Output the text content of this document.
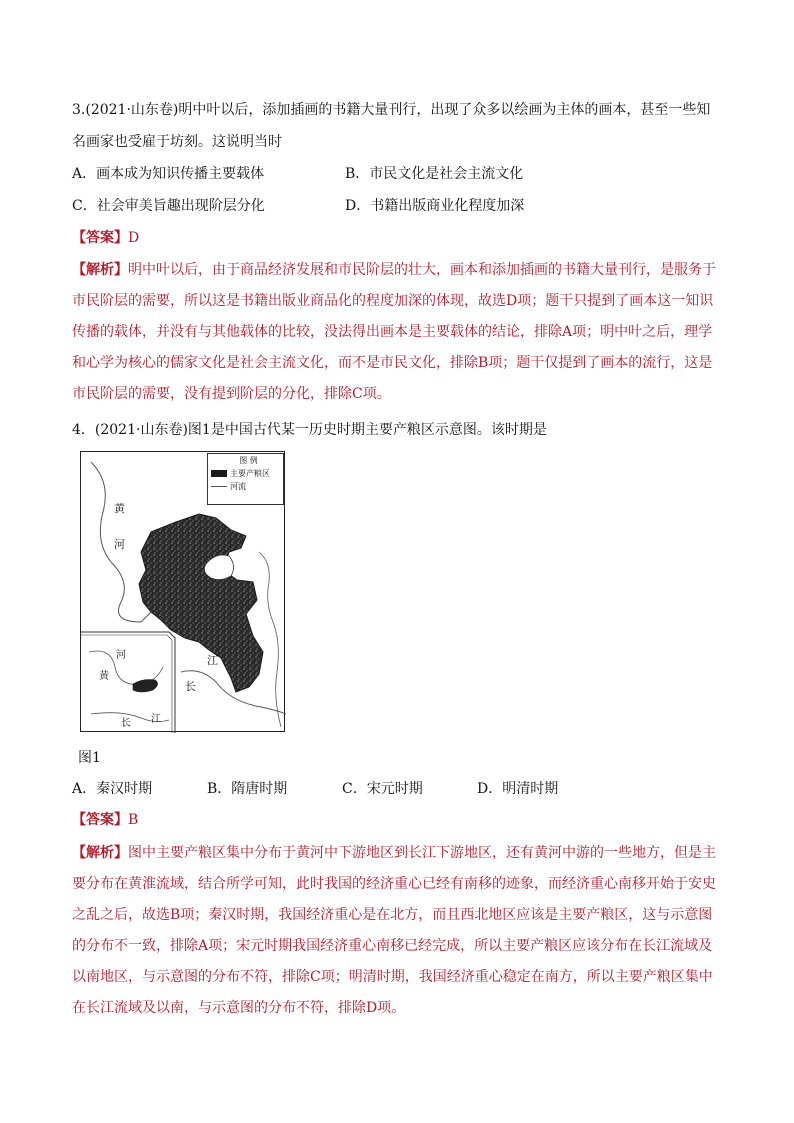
3.(2021·山东卷)明中叶以后，添加插画的书籍大量刊行，出现了众多以绘画为主体的画本，甚至一些知
名画家也受雇于坊刻。这说明当时
A．画本成为知识传播主要载体	B．市民文化是社会主流文化
C．社会审美旨趣出现阶层分化	D．书籍出版商业化程度加深
【答案】D
【解析】明中叶以后，由于商品经济发展和市民阶层的壮大，画本和添加插画的书籍大量刊行，是服务于
市民阶层的需要，所以这是书籍出版业商品化的程度加深的体现，故选D项；题干只提到了画本这一知识
传播的载体，并没有与其他载体的比较，没法得出画本是主要载体的结论，排除A项；明中叶之后，理学
和心学为核心的儒家文化是社会主流文化，而不是市民文化，排除B项；题干仅提到了画本的流行，这是
市民阶层的需要，没有提到阶层的分化，排除C项。
4．(2021·山东卷)图1是中国古代某一历史时期主要产粮区示意图。该时期是
图 例
主要产粮区
河流
黄
河
江
长
河
黄
长 江
图1
A．秦汉时期	B．隋唐时期	C．宋元时期	D．明清时期
【答案】B
【解析】图中主要产粮区集中分布于黄河中下游地区到长江下游地区，还有黄河中游的一些地方，但是主
要分布在黄淮流域，结合所学可知，此时我国的经济重心已经有南移的迹象，而经济重心南移开始于安史
之乱之后，故选B项；秦汉时期，我国经济重心是在北方，而且西北地区应该是主要产粮区，这与示意图
的分布不一致，排除A项；宋元时期我国经济重心南移已经完成，所以主要产粮区应该分布在长江流域及
以南地区，与示意图的分布不符，排除C项；明清时期，我国经济重心稳定在南方，所以主要产粮区集中
在长江流域及以南，与示意图的分布不符，排除D项。
